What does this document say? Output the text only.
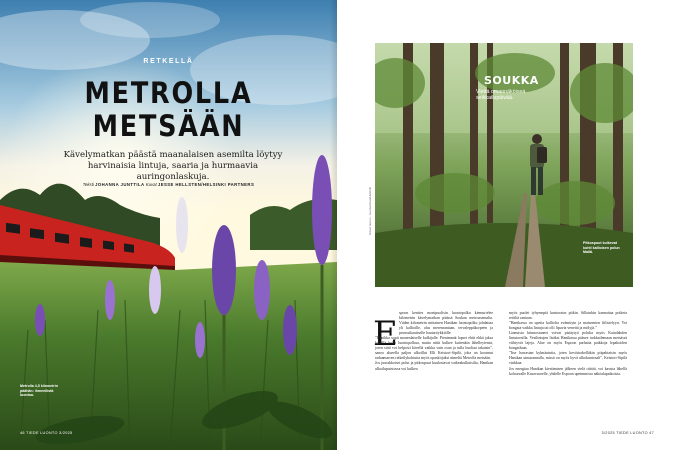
RETKELLÄ
METROLLA
METSÄÄN
Kävelymatkan päästä maanalaisen asemilta löytyy harvinaisia lintuja, saaria ja hurmaavia auringonlaskuja.
Teksti JOHANNA JUNTTILA Kuvat JESSE HELLSTEN/HELSINKI PARTNERS
Metrolla 4,5 kilometrin päähän: ihmeellistä luontoa.
46 TIEDE LUONTO 3/2025
Kuvat: Eero L. Luomanmaa/Helsinki
SOUKKA
Viettä omannäköiseä seikkailupäivää.
Pitkospuut kulkevat kohti kallioisen polun Mallä.
E

spoon kenties monipuolisin luontopolku kiemurtelee kilometrin kävelymatkan päässä Soukan metroasemalta. Viiden kilometrin mittainen Hanikan luontopolku johdattaa yli kallioille, alas merenrantaan, tervaleppäkorpeen ja pronssikautiselle hautaröykkiölle.

”Hanikka sopii monenlaiselle kulkijalle. Pienimmät lapset ehtii ehkä jaksa kävellä koko luontopolkua, mutta niitti kulkee kuitenkin lähelleytensä, joten siitä voi helposti kävellä vaikka vain osan ja tulla huoltaa takaisin”, sanoo alueella paljon ulkoillut Elli Keistori-Sipilä, joka on koonnut radaamarren retkeilykohtutta myös opaskirjaksi nimeltä Metrolla metsään.

Jos juurakkoiset polut ja pitkospuut kuulostavat vaikeakulkuisilta, Hanikan ulkoilupuistossa voi kulkea

myös puolet tyhyempiä kuntoratas pitkin. Silloinkin kannattaa poiketa reitiltä rantaan.

”Hanikassa on upeita kalliolta evämityin ja maisemien fiilistelyyn. Voi bongata vaikka lintuja tai olli lipuvia veneitä ja mölyjä.”

Linnuista kiinnostuneet voivat pistäytyä polulta myös Kaitalahden lintutornilla. Vesilintujen lisäksi Hanikassa pääsee tarkkailemaan metsässä viihtyviä lajeja. Alue on myös Espoon parhaita paikkoja lepakoiden bongailuun.

”Itse harrastan kylmäuintia, joten kevättorkelläkin piipahtaisin myös Hanikan uimarannalla, missä on myös hyvä ulkokuntosali”, Keistori-Sipilä vinkkaa.

Jos energiaa Hanikan kiertämisen jälkeen vielä riittää, voi kavuta lähellä kohoavalle Kasavuorelle, yhdelle Espoon upeimmista näköalapaikoista.

3/2025 TIEDE LUONTO 47
